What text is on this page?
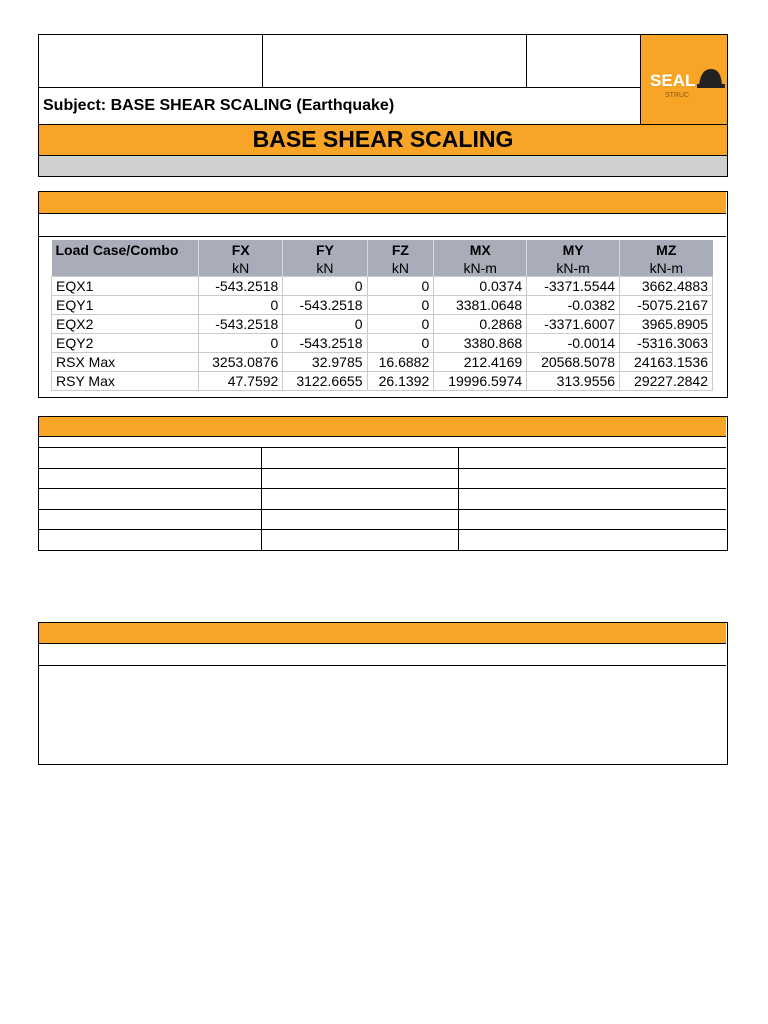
Subject: BASE SHEAR SCALING (Earthquake)
SEAL
STRUC
BASE SHEAR SCALING
Load Case/Combo	FX	FY	FZ	MX	MY	MZ
	kN	kN	kN	kN-m	kN-m	kN-m
EQX1	-543.2518	0	0	0.0374	-3371.5544	3662.4883
EQY1	0	-543.2518	0	3381.0648	-0.0382	-5075.2167
EQX2	-543.2518	0	0	0.2868	-3371.6007	3965.8905
EQY2	0	-543.2518	0	3380.868	-0.0014	-5316.3063
RSX Max	3253.0876	32.9785	16.6882	212.4169	20568.5078	24163.1536
RSY Max	47.7592	3122.6655	26.1392	19996.5974	313.9556	29227.2842
